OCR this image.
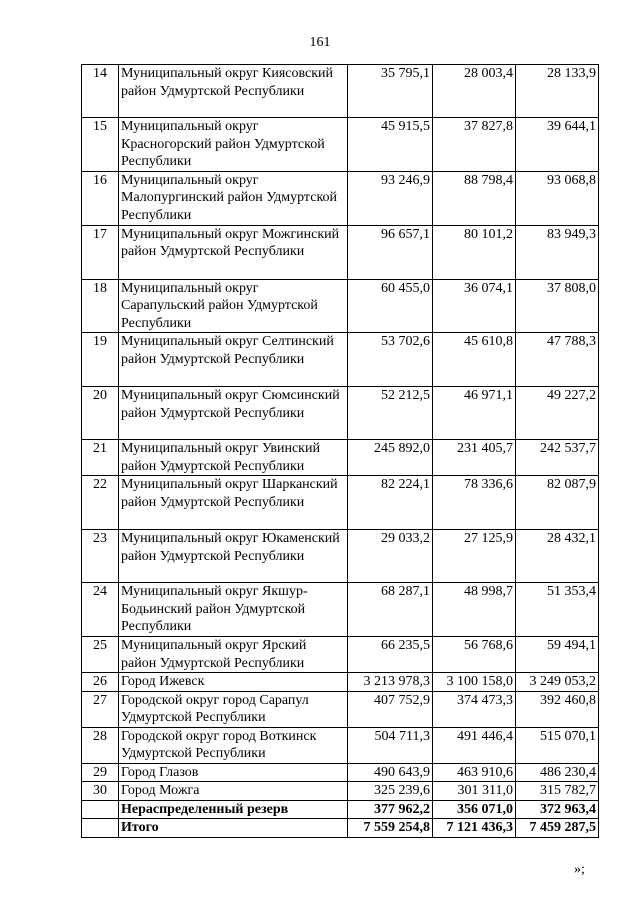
161
14	Муниципальный округ Киясовский район Удмуртской Республики	35 795,1	28 003,4	28 133,9
15	Муниципальный округ Красногорский район Удмуртской Республики	45 915,5	37 827,8	39 644,1
16	Муниципальный округ Малопургинский район Удмуртской Республики	93 246,9	88 798,4	93 068,8
17	Муниципальный округ Можгинский район Удмуртской Республики	96 657,1	80 101,2	83 949,3
18	Муниципальный округ Сарапульский район Удмуртской Республики	60 455,0	36 074,1	37 808,0
19	Муниципальный округ Селтинский район Удмуртской Республики	53 702,6	45 610,8	47 788,3
20	Муниципальный округ Сюмсинский район Удмуртской Республики	52 212,5	46 971,1	49 227,2
21	Муниципальный округ Увинский район Удмуртской Республики	245 892,0	231 405,7	242 537,7
22	Муниципальный округ Шарканский район Удмуртской Республики	82 224,1	78 336,6	82 087,9
23	Муниципальный округ Юкаменский район Удмуртской Республики	29 033,2	27 125,9	28 432,1
24	Муниципальный округ Якшур-Бодьинский район Удмуртской Республики	68 287,1	48 998,7	51 353,4
25	Муниципальный округ Ярский район Удмуртской Республики	66 235,5	56 768,6	59 494,1
26	Город Ижевск	3 213 978,3	3 100 158,0	3 249 053,2
27	Городской округ город Сарапул Удмуртской Республики	407 752,9	374 473,3	392 460,8
28	Городской округ город Воткинск Удмуртской Республики	504 711,3	491 446,4	515 070,1
29	Город Глазов	490 643,9	463 910,6	486 230,4
30	Город Можга	325 239,6	301 311,0	315 782,7
	Нераспределенный резерв	377 962,2	356 071,0	372 963,4
	Итого	7 559 254,8	7 121 436,3	7 459 287,5
»;
